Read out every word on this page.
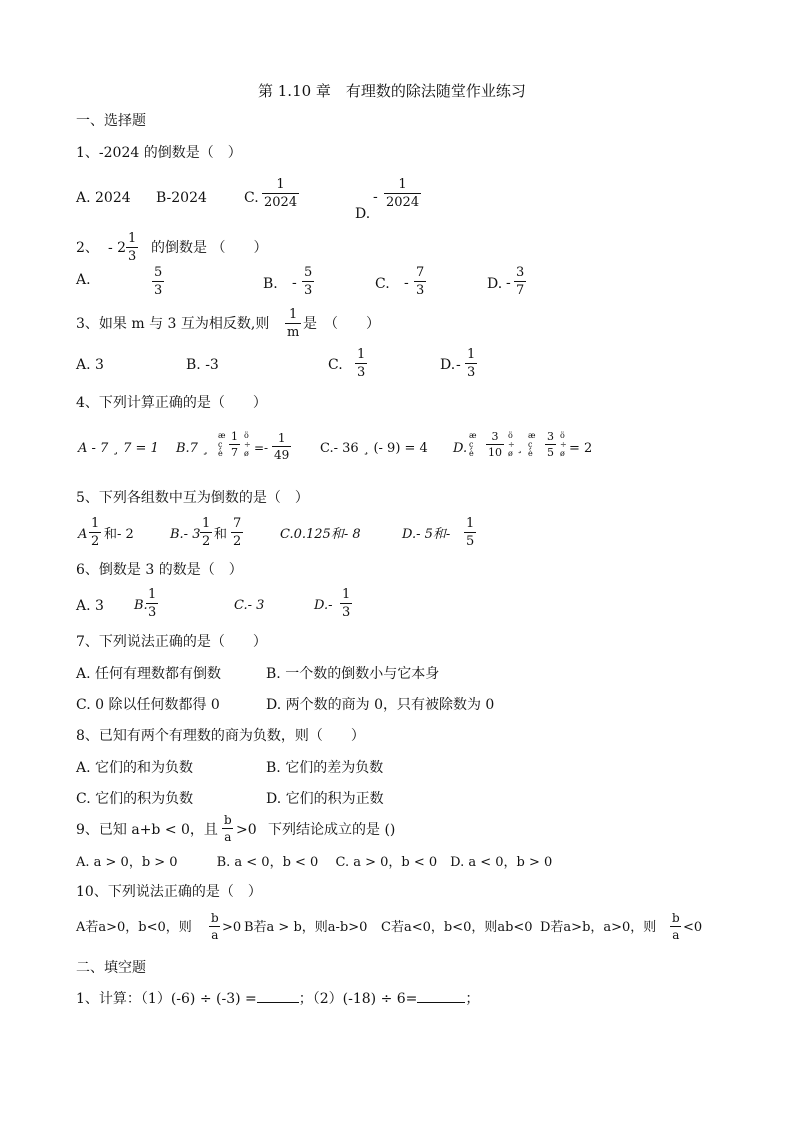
第 1.10 章　有理数的除法随堂作业练习
一、选择题
1、-2024 的倒数是（　）
A. 2024 B-2024	C. $\frac{1}{2024}$
D.
- $\frac{1}{2024}$
2、 - $2 \frac{1}{3}$ 的倒数是 （　　）
A.	$\frac{5}{3}$	B. - $\frac{5}{3}$	C. - $\frac{7}{3}$	D. - $\frac{3}{7}$
3、如果 m 与 3 互为相反数,则 $\frac{1}{m}$ 是　（　　）
A. 3	B. -3	C. $\frac{1}{3}$	D. - $\frac{1}{3}$
4、下列计算正确的是（　　）
A - 7 ¸ 7 = 1 B.7 ¸
æ
ç
è $\frac{1}{7}$ ö
÷
ø =- $\frac{1}{49} C.-$ 36 ¸ (- 9) = 4 D.
æ
ç
è $\frac{3}{10}$ ö
÷
ø ¸
æ
ç
è $\frac{3}{5}$ ö
÷
ø = 2
5、下列各组数中互为倒数的是（　）
A $\frac{1}{2}$ 和- 2	B.- $3 \frac{1}{2}$ 和 $\frac{7}{2}$	C.0.125和- 8	D.- 5和- $\frac{1}{5}$
6、倒数是 3 的数是（　）
A. 3 B.
$\frac{1}{3}$	C.- 3	$D.- \frac{1}{3}$
7、下列说法正确的是（　　）
A. 任何有理数都有倒数	B. 一个数的倒数小与它本身
C. 0 除以任何数都得 0	D. 两个数的商为 0，只有被除数为 0
8、已知有两个有理数的商为负数，则（　　）
A. 它们的和为负数	B. 它们的差为负数
C. 它们的积为负数	D. 它们的积为正数
9、已知 a+b < 0，且 $\frac{b}{a} >0$ 下列结论成立的是 ()
A. a > 0，b > 0　　　B. a < 0，b < 0　 C. a > 0，b < 0　D. a < 0，b > 0
10、下列说法正确的是（　）
A若a>0，b<0，则 $\frac{b}{a} >0$ B若a > b，则a-b>0 C若a<0，b<0，则ab<0 D若a>b，a>0，则 $\frac{b}{a} <0$
二、填空题
1、计算：（1）(-6) ÷ (-3) =	；（2）(-18) ÷ 6=	；
